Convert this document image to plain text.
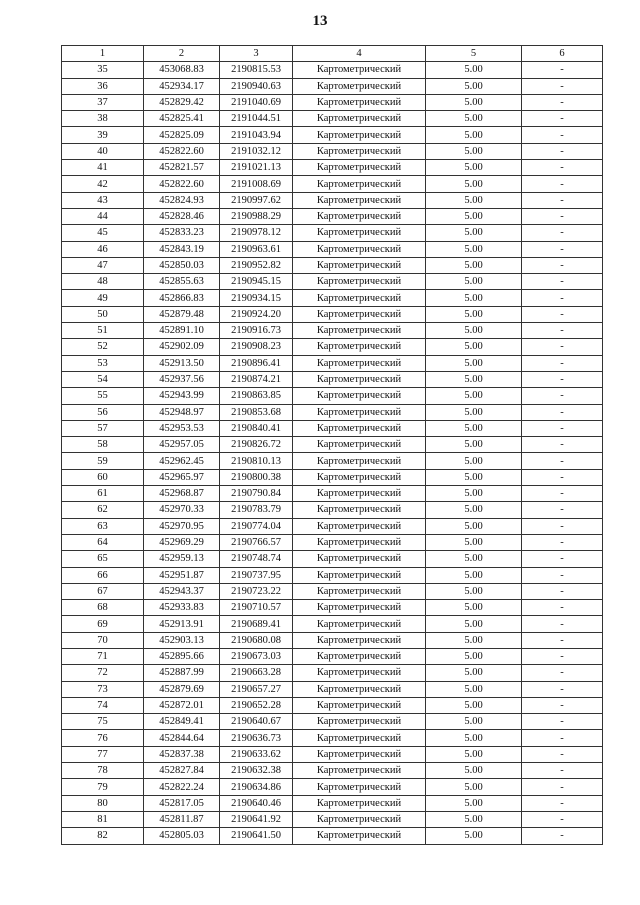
13
1	2	3	4	5	6
35	453068.83	2190815.53	Картометрический	5.00	-
36	452934.17	2190940.63	Картометрический	5.00	-
37	452829.42	2191040.69	Картометрический	5.00	-
38	452825.41	2191044.51	Картометрический	5.00	-
39	452825.09	2191043.94	Картометрический	5.00	-
40	452822.60	2191032.12	Картометрический	5.00	-
41	452821.57	2191021.13	Картометрический	5.00	-
42	452822.60	2191008.69	Картометрический	5.00	-
43	452824.93	2190997.62	Картометрический	5.00	-
44	452828.46	2190988.29	Картометрический	5.00	-
45	452833.23	2190978.12	Картометрический	5.00	-
46	452843.19	2190963.61	Картометрический	5.00	-
47	452850.03	2190952.82	Картометрический	5.00	-
48	452855.63	2190945.15	Картометрический	5.00	-
49	452866.83	2190934.15	Картометрический	5.00	-
50	452879.48	2190924.20	Картометрический	5.00	-
51	452891.10	2190916.73	Картометрический	5.00	-
52	452902.09	2190908.23	Картометрический	5.00	-
53	452913.50	2190896.41	Картометрический	5.00	-
54	452937.56	2190874.21	Картометрический	5.00	-
55	452943.99	2190863.85	Картометрический	5.00	-
56	452948.97	2190853.68	Картометрический	5.00	-
57	452953.53	2190840.41	Картометрический	5.00	-
58	452957.05	2190826.72	Картометрический	5.00	-
59	452962.45	2190810.13	Картометрический	5.00	-
60	452965.97	2190800.38	Картометрический	5.00	-
61	452968.87	2190790.84	Картометрический	5.00	-
62	452970.33	2190783.79	Картометрический	5.00	-
63	452970.95	2190774.04	Картометрический	5.00	-
64	452969.29	2190766.57	Картометрический	5.00	-
65	452959.13	2190748.74	Картометрический	5.00	-
66	452951.87	2190737.95	Картометрический	5.00	-
67	452943.37	2190723.22	Картометрический	5.00	-
68	452933.83	2190710.57	Картометрический	5.00	-
69	452913.91	2190689.41	Картометрический	5.00	-
70	452903.13	2190680.08	Картометрический	5.00	-
71	452895.66	2190673.03	Картометрический	5.00	-
72	452887.99	2190663.28	Картометрический	5.00	-
73	452879.69	2190657.27	Картометрический	5.00	-
74	452872.01	2190652.28	Картометрический	5.00	-
75	452849.41	2190640.67	Картометрический	5.00	-
76	452844.64	2190636.73	Картометрический	5.00	-
77	452837.38	2190633.62	Картометрический	5.00	-
78	452827.84	2190632.38	Картометрический	5.00	-
79	452822.24	2190634.86	Картометрический	5.00	-
80	452817.05	2190640.46	Картометрический	5.00	-
81	452811.87	2190641.92	Картометрический	5.00	-
82	452805.03	2190641.50	Картометрический	5.00	-
